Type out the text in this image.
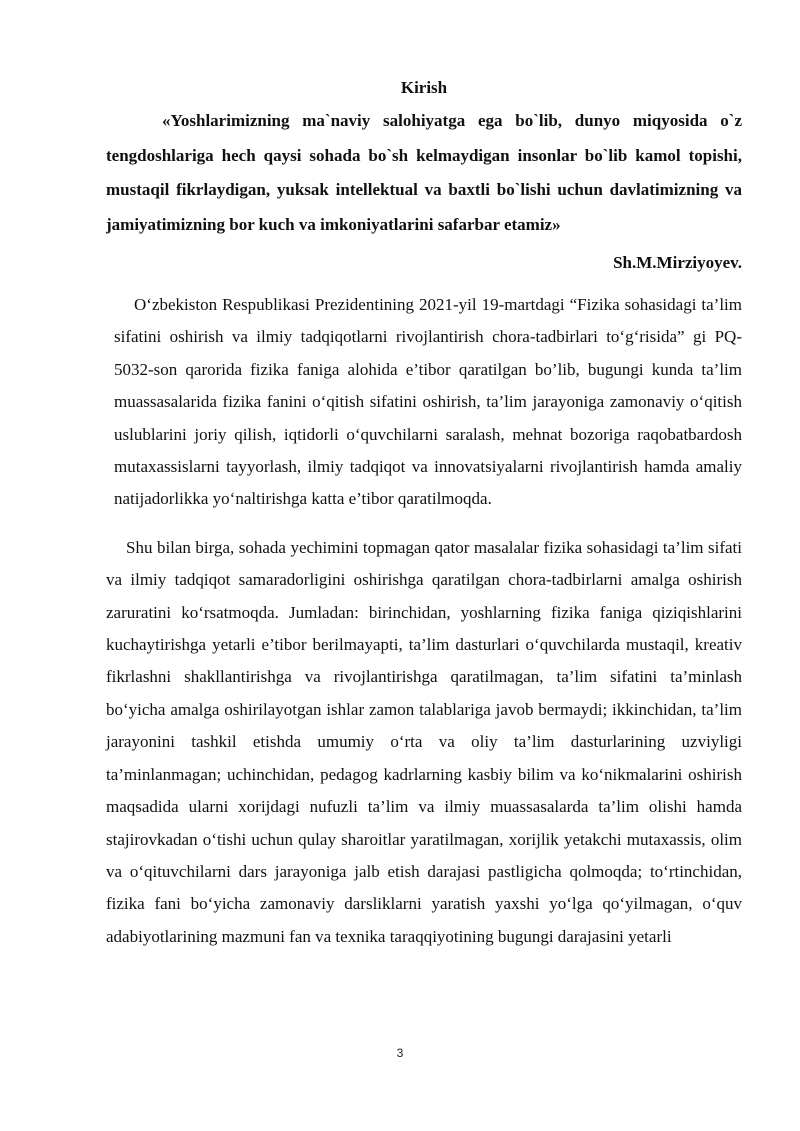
Kirish

«Yoshlarimizning ma`naviy salohiyatga ega bo`lib, dunyo miqyosida o`z tengdoshlariga hech qaysi sohada bo`sh kelmaydigan insonlar bo`lib kamol topishi, mustaqil fikrlaydigan, yuksak intellektual va baxtli bo`lishi uchun davlatimizning va jamiyatimizning bor kuch va imkoniyatlarini safarbar etamiz»

Sh.M.Mirziyoyev.

O‘zbekiston Respublikasi Prezidentining 2021-yil 19-martdagi “Fizika sohasidagi ta’lim sifatini oshirish va ilmiy tadqiqotlarni rivojlantirish chora-tadbirlari to‘g‘risida” gi PQ-5032-son qarorida fizika faniga alohida e’tibor qaratilgan bo’lib, bugungi kunda ta’lim muassasalarida fizika fanini o‘qitish sifatini oshirish, ta’lim jarayoniga zamonaviy o‘qitish uslublarini joriy qilish, iqtidorli o‘quvchilarni saralash, mehnat bozoriga raqobatbardosh mutaxassislarni tayyorlash, ilmiy tadqiqot va innovatsiyalarni rivojlantirish hamda amaliy natijadorlikka yo‘naltirishga katta e’tibor qaratilmoqda.

Shu bilan birga, sohada yechimini topmagan qator masalalar fizika sohasidagi ta’lim sifati va ilmiy tadqiqot samaradorligini oshirishga qaratilgan chora-tadbirlarni amalga oshirish zaruratini ko‘rsatmoqda. Jumladan: birinchidan, yoshlarning fizika faniga qiziqishlarini kuchaytirishga yetarli e’tibor berilmayapti, ta’lim dasturlari o‘quvchilarda mustaqil, kreativ fikrlashni shakllantirishga va rivojlantirishga qaratilmagan, ta’lim sifatini ta’minlash bo‘yicha amalga oshirilayotgan ishlar zamon talablariga javob bermaydi; ikkinchidan, ta’lim jarayonini tashkil etishda umumiy o‘rta va oliy ta’lim dasturlarining uzviyligi ta’minlanmagan; uchinchidan, pedagog kadrlarning kasbiy bilim va ko‘nikmalarini oshirish maqsadida ularni xorijdagi nufuzli ta’lim va ilmiy muassasalarda ta’lim olishi hamda stajirovkadan o‘tishi uchun qulay sharoitlar yaratilmagan, xorijlik yetakchi mutaxassis, olim va o‘qituvchilarni dars jarayoniga jalb etish darajasi pastligicha qolmoqda; to‘rtinchidan, fizika fani bo‘yicha zamonaviy darsliklarni yaratish yaxshi yo‘lga qo‘yilmagan, o‘quv adabiyotlarining mazmuni fan va texnika taraqqiyotining bugungi darajasini yetarli

3
